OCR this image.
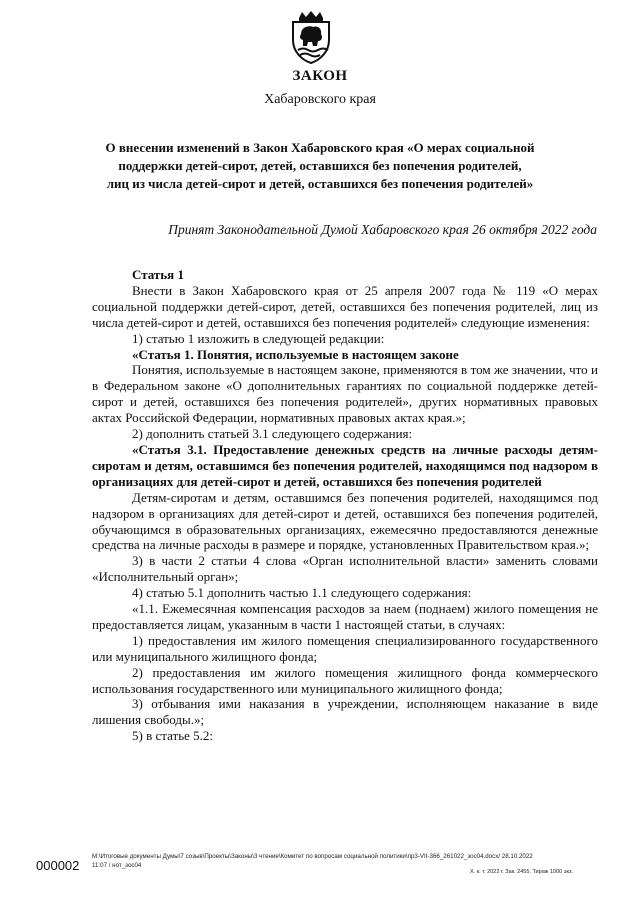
ЗАКОН
Хабаровского края
О внесении изменений в Закон Хабаровского края «О мерах социальной
поддержки детей-сирот, детей, оставшихся без попечения родителей,
лиц из числа детей-сирот и детей, оставшихся без попечения родителей»
Принят Законодательной Думой Хабаровского края 26 октября 2022 года

Статья 1

Внести в Закон Хабаровского края от 25 апреля 2007 года № 119 «О мерах социальной поддержки детей-сирот, детей, оставшихся без попечения родителей, лиц из числа детей-сирот и детей, оставшихся без попечения родителей» следующие изменения:

1) статью 1 изложить в следующей редакции:

«Статья 1. Понятия, используемые в настоящем законе

Понятия, используемые в настоящем законе, применяются в том же значении, что и в Федеральном законе «О дополнительных гарантиях по социальной поддержке детей-сирот и детей, оставшихся без попечения родителей», других нормативных правовых актах Российской Федерации, нормативных правовых актах края.»;

2) дополнить статьей 3.1 следующего содержания:

«Статья 3.1. Предоставление денежных средств на личные расходы детям-сиротам и детям, оставшимся без попечения родителей, находящимся под надзором в организациях для детей-сирот и детей, оставшихся без попечения родителей

Детям-сиротам и детям, оставшимся без попечения родителей, находящимся под надзором в организациях для детей-сирот и детей, оставшихся без попечения родителей, обучающимся в образовательных организациях, ежемесячно предоставляются денежные средства на личные расходы в размере и порядке, установленных Правительством края.»;

3) в части 2 статьи 4 слова «Орган исполнительной власти» заменить словами «Исполнительный орган»;

4) статью 5.1 дополнить частью 1.1 следующего содержания:

«1.1. Ежемесячная компенсация расходов за наем (поднаем) жилого помещения не предоставляется лицам, указанным в части 1 настоящей статьи, в случаях:

1) предоставления им жилого помещения специализированного государственного или муниципального жилищного фонда;

2) предоставления им жилого помещения жилищного фонда коммерческого использования государственного или муниципального жилищного фонда;

3) отбывания ими наказания в учреждении, исполняющем наказание в виде лишения свободы.»;

5) в статье 5.2:

000002
M:\Итоговые документы Думы\7 созыв\Проекты\Законы\3 чтение\Комитет по вопросам социальной политики\пр3-VII-366_261022_зос04.docx/ 28.10.2022
11:07 / нот_зос04
Х. к. т. 2022 г. Зак. 2455. Тираж 1000 экз.
